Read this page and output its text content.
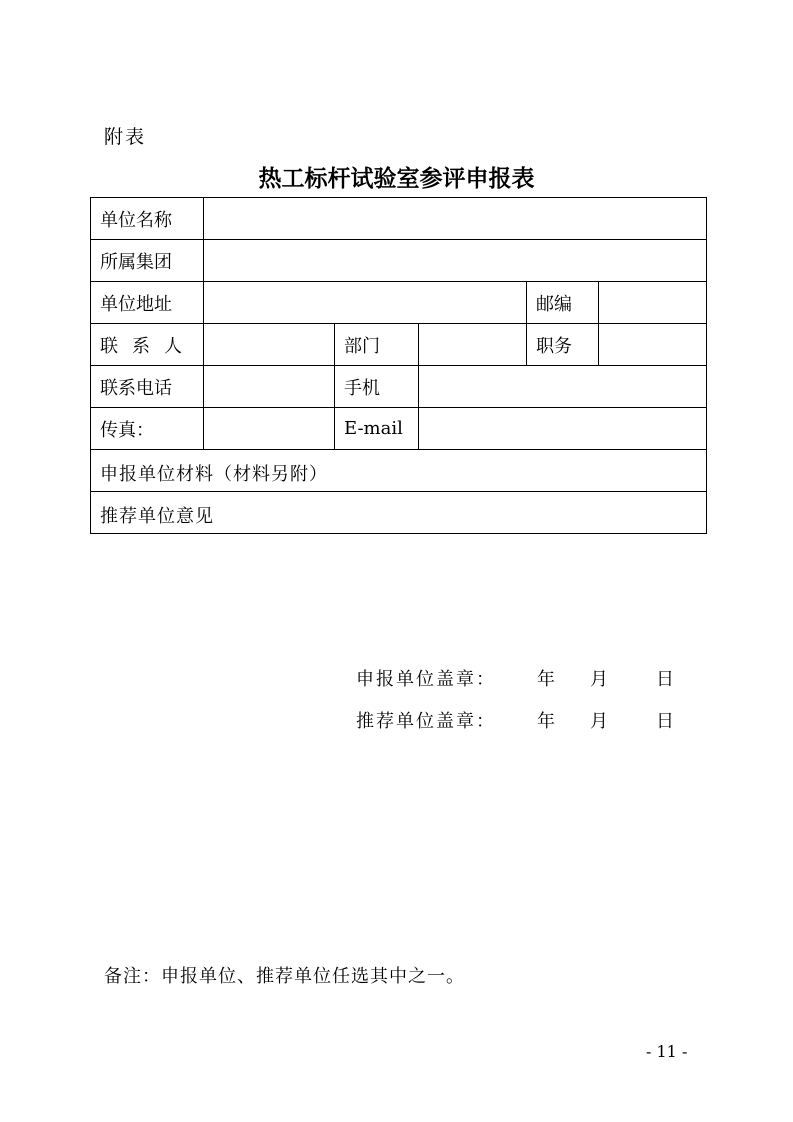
附表
热工标杆试验室参评申报表
单位名称					
所属集团					
单位地址				邮编	
联系人		部门		职务	
联系电话		手机			
传真：		E-mail			

申报单位材料（材料另附）
申报单位盖章： 年 月 日					

推荐单位意见
推荐单位盖章： 年 月 日					
备注：申报单位、推荐单位任选其中之一。
- 11 -
